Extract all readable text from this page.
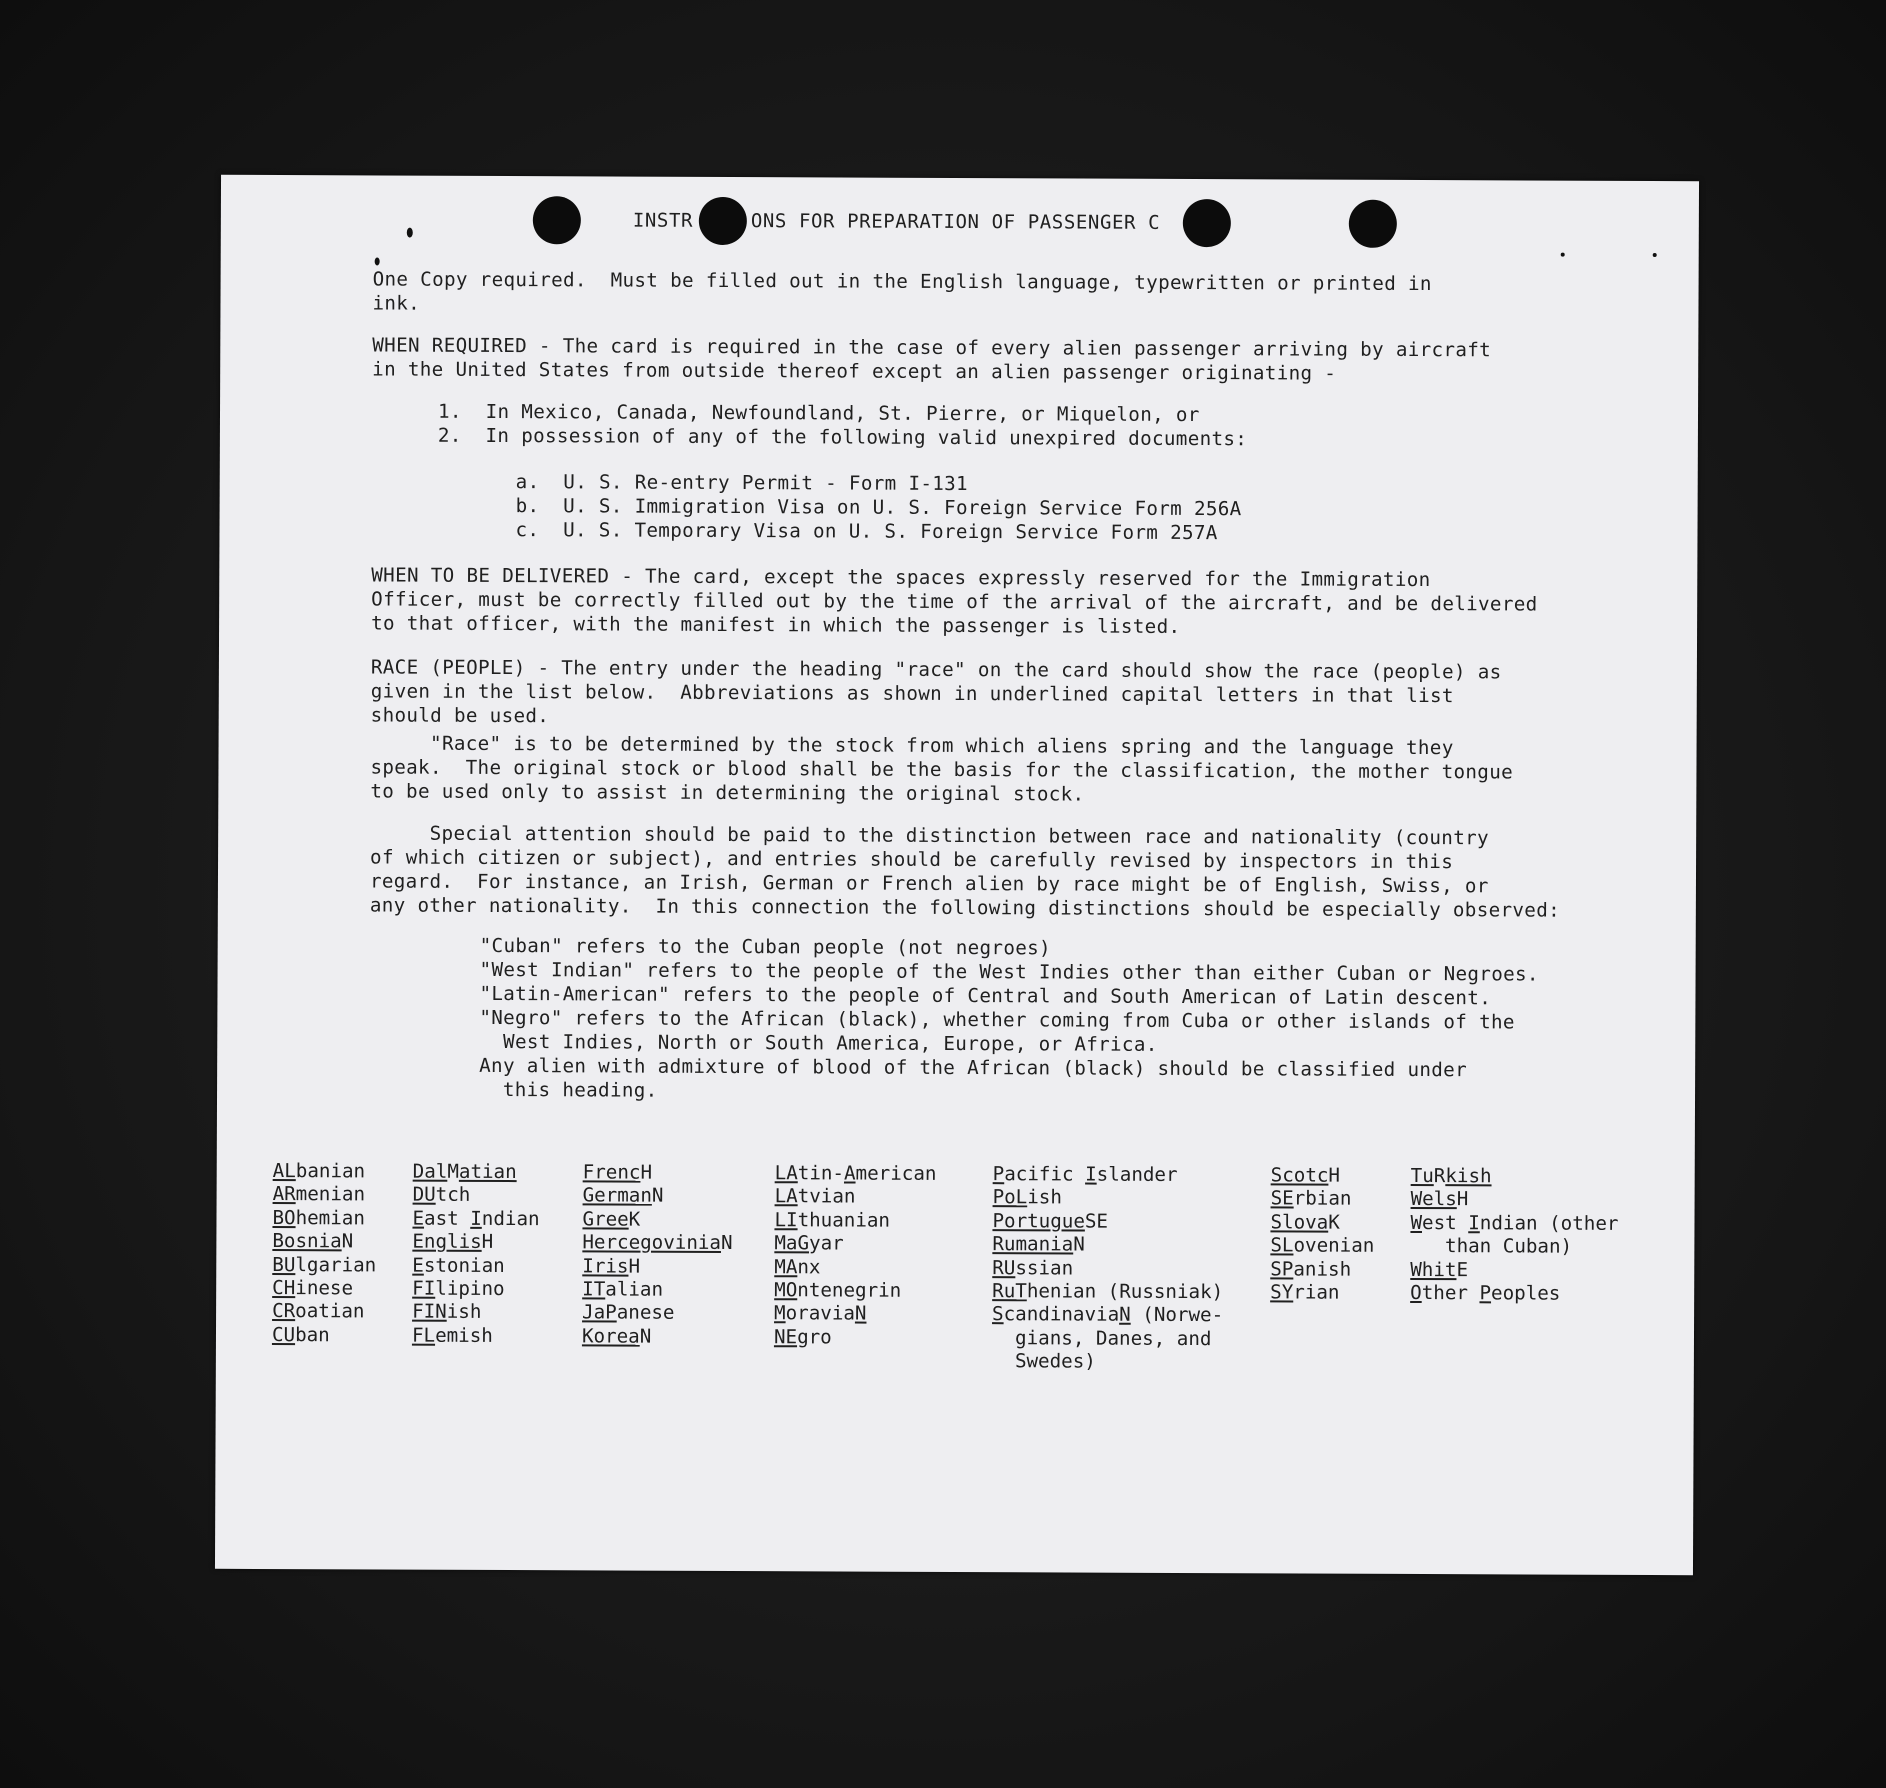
INSTR	ONS FOR PREPARATION OF PASSENGER C
One Copy required.  Must be filled out in the English language, typewritten or printed in
ink.
WHEN REQUIRED - The card is required in the case of every alien passenger arriving by aircraft
in the United States from outside thereof except an alien passenger originating -
1.  In Mexico, Canada, Newfoundland, St. Pierre, or Miquelon, or
2.  In possession of any of the following valid unexpired documents:
a.  U. S. Re-entry Permit - Form I-131
b.  U. S. Immigration Visa on U. S. Foreign Service Form 256A
c.  U. S. Temporary Visa on U. S. Foreign Service Form 257A
WHEN TO BE DELIVERED - The card, except the spaces expressly reserved for the Immigration
Officer, must be correctly filled out by the time of the arrival of the aircraft, and be delivered
to that officer, with the manifest in which the passenger is listed.
RACE (PEOPLE) - The entry under the heading "race" on the card should show the race (people) as
given in the list below.  Abbreviations as shown in underlined capital letters in that list
should be used.
"Race" is to be determined by the stock from which aliens spring and the language they
speak.  The original stock or blood shall be the basis for the classification, the mother tongue
to be used only to assist in determining the original stock.
Special attention should be paid to the distinction between race and nationality (country
of which citizen or subject), and entries should be carefully revised by inspectors in this
regard.  For instance, an Irish, German or French alien by race might be of English, Swiss, or
any other nationality.  In this connection the following distinctions should be especially observed:
"Cuban" refers to the Cuban people (not negroes)
"West Indian" refers to the people of the West Indies other than either Cuban or Negroes.
"Latin-American" refers to the people of Central and South American of Latin descent.
"Negro" refers to the African (black), whether coming from Cuba or other islands of the
West Indies, North or South America, Europe, or Africa.
Any alien with admixture of blood of the African (black) should be classified under
this heading.
ALbanian
ARmenian
BOhemian
BosniaN
BUlgarian
CHinese
CRoatian
CUban
DalMatian
DUtch
East Indian
EnglisH
Estonian
FIlipino
FINish
FLemish
FrencH
GermanN
GreeK
HercegoviniaN
IrisH
ITalian
JaPanese
KoreaN
LAtin-American
LAtvian
LIthuanian
MaGyar
MAnx
MOntenegrin
MoraviaN
NEgro
Pacific Islander
PoLish
PortugueSE
RumaniaN
RUssian
RuThenian (Russniak)
ScandinaviaN (Norwe-
gians, Danes, and
Swedes)
ScotcH
SErbian
SlovaK
SLovenian
SPanish
SYrian
TuRkish
WelsH
West Indian (other
than Cuban)
WhitE
Other Peoples
